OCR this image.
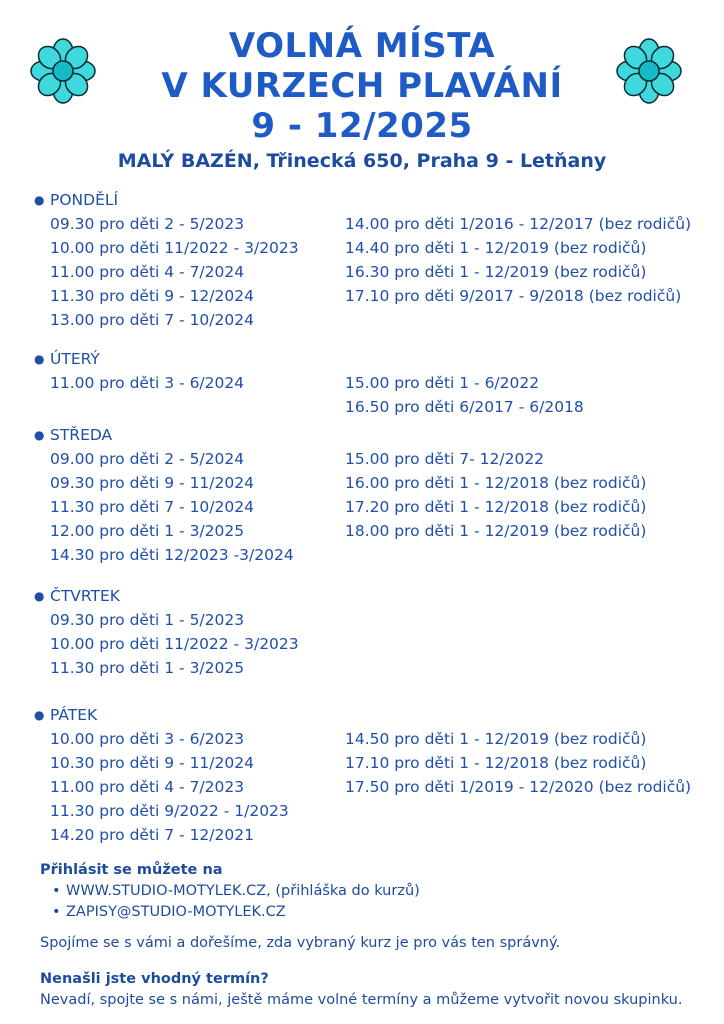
VOLNÁ MÍSTA
V KURZECH PLAVÁNÍ
9 - 12/2025
MALÝ BAZÉN, Třinecká 650, Praha 9 - Letňany
● PONDĚLÍ
09.30 pro děti 2 - 5/2023
10.00 pro děti 11/2022 - 3/2023
11.00 pro děti 4 - 7/2024
11.30 pro děti 9 - 12/2024
13.00 pro děti 7 - 10/2024
14.00 pro děti 1/2016 - 12/2017 (bez rodičů)
14.40 pro děti 1 - 12/2019 (bez rodičů)
16.30 pro děti 1 - 12/2019 (bez rodičů)
17.10 pro děti 9/2017 - 9/2018 (bez rodičů)
● ÚTERÝ
11.00 pro děti 3 - 6/2024	15.00 pro děti 1 - 6/2022
16.50 pro děti 6/2017 - 6/2018
● STŘEDA
09.00 pro děti 2 - 5/2024
09.30 pro děti 9 - 11/2024
11.30 pro děti 7 - 10/2024
12.00 pro děti 1 - 3/2025
14.30 pro děti 12/2023 -3/2024
15.00 pro děti 7- 12/2022
16.00 pro děti 1 - 12/2018 (bez rodičů)
17.20 pro děti 1 - 12/2018 (bez rodičů)
18.00 pro děti 1 - 12/2019 (bez rodičů)
● ČTVRTEK
09.30 pro děti 1 - 5/2023
10.00 pro děti 11/2022 - 3/2023
11.30 pro děti 1 - 3/2025
● PÁTEK
10.00 pro děti 3 - 6/2023
10.30 pro děti 9 - 11/2024
11.00 pro děti 4 - 7/2023
11.30 pro děti 9/2022 - 1/2023
14.20 pro děti 7 - 12/2021
14.50 pro děti 1 - 12/2019 (bez rodičů)
17.10 pro děti 1 - 12/2018 (bez rodičů)
17.50 pro děti 1/2019 - 12/2020 (bez rodičů)
Přihlásit se můžete na
• WWW.STUDIO-MOTYLEK.CZ, (přihláška do kurzů)
• ZAPISY@STUDIO-MOTYLEK.CZ
Spojíme se s vámi a dořešíme, zda vybraný kurz je pro vás ten správný.
Nenašli jste vhodný termín?
Nevadí, spojte se s námi, ještě máme volné termíny a můžeme vytvořit novou skupinku.
